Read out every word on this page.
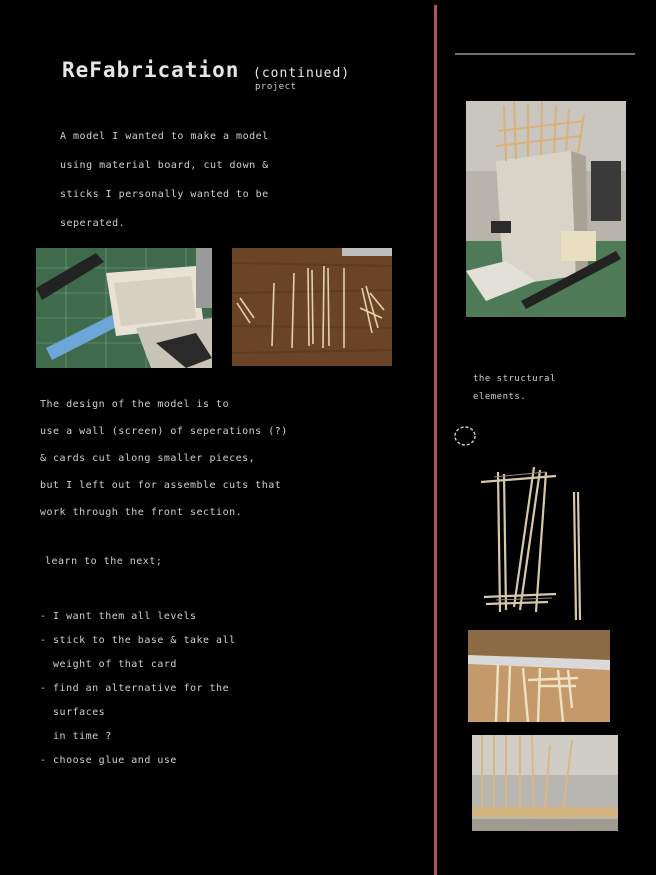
ReFabrication (continued)
project
A model I wanted to make a model
using material board, cut down &
sticks I personally wanted to be
seperated.
The design of the model is to
use a wall (screen) of seperations (?)
& cards cut along smaller pieces,
but I left out for assemble cuts that
work through the front section.
learn to the next;
- I want them all levels
- stick to the base & take all
weight of that card
- find an alternative for the
surfaces
in time ?
- choose glue and use
the structural
elements.
